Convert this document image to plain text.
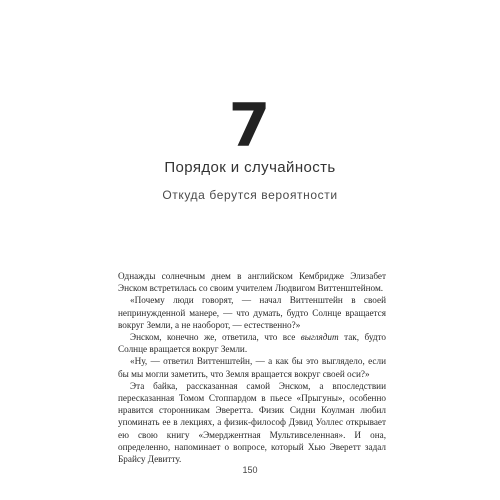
7
Порядок и случайность
Откуда берутся вероятности

Однажды солнечным днем в английском Кембридже Элизабет Энском встретилась со своим учителем Людвигом Виттенштейном.

«Почему люди говорят, — начал Виттенштейн в своей непринужденной манере, — что думать, будто Солнце вращается вокруг Земли, а не наоборот, — естественно?»

Энском, конечно же, ответила, что все выглядит так, будто Солнце вращается вокруг Земли.

«Ну, — ответил Виттенштейн, — а как бы это выглядело, если бы мы могли заметить, что Земля вращается вокруг своей оси?»

Эта байка, рассказанная самой Энском, а впоследствии пересказанная Томом Стоппардом в пьесе «Прыгуны», особенно нравится сторонникам Эверетта. Физик Сидни Коулман любил упоминать ее в лекциях, а физик-философ Дэвид Уоллес открывает ею свою книгу «Эмерджентная Мультивселенная». И она, определенно, напоминает о вопросе, который Хью Эверетт задал Брайсу Девитту.

150
